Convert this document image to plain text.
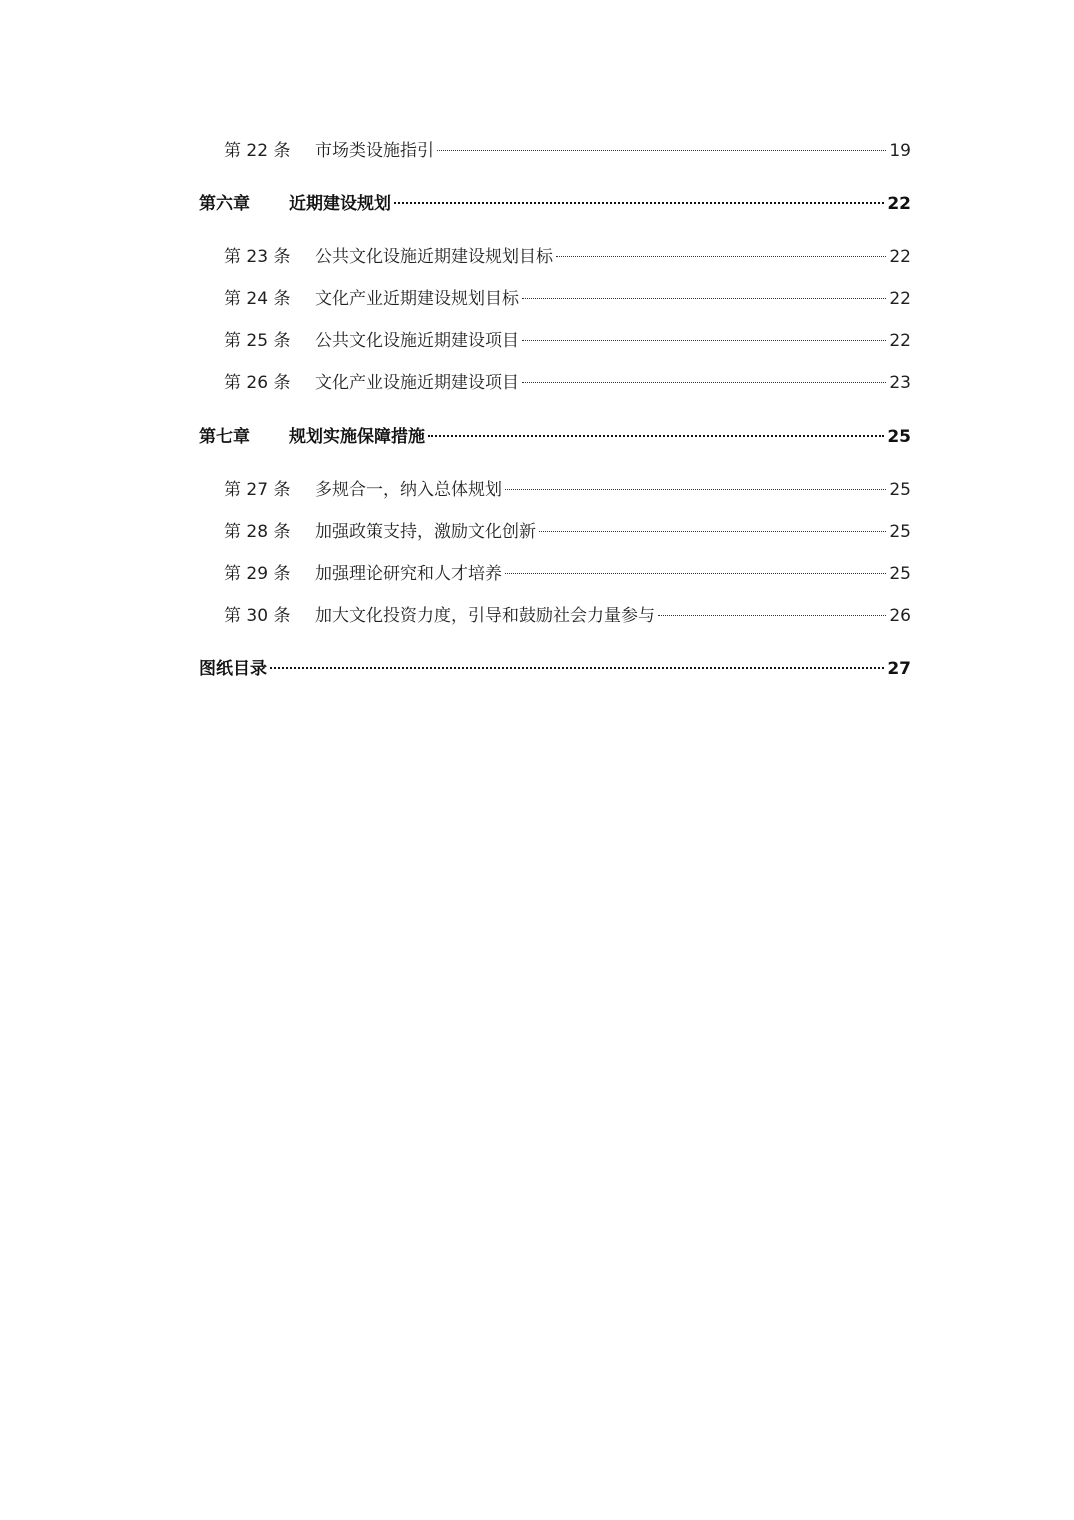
第 22 条	市场类设施指引	19
第六章	近期建设规划	22
第 23 条	公共文化设施近期建设规划目标	22
第 24 条	文化产业近期建设规划目标	22
第 25 条	公共文化设施近期建设项目	22
第 26 条	文化产业设施近期建设项目	23
第七章	规划实施保障措施	25
第 27 条	多规合一，纳入总体规划	25
第 28 条	加强政策支持，激励文化创新	25
第 29 条	加强理论研究和人才培养	25
第 30 条	加大文化投资力度，引导和鼓励社会力量参与	26
图纸目录	27
